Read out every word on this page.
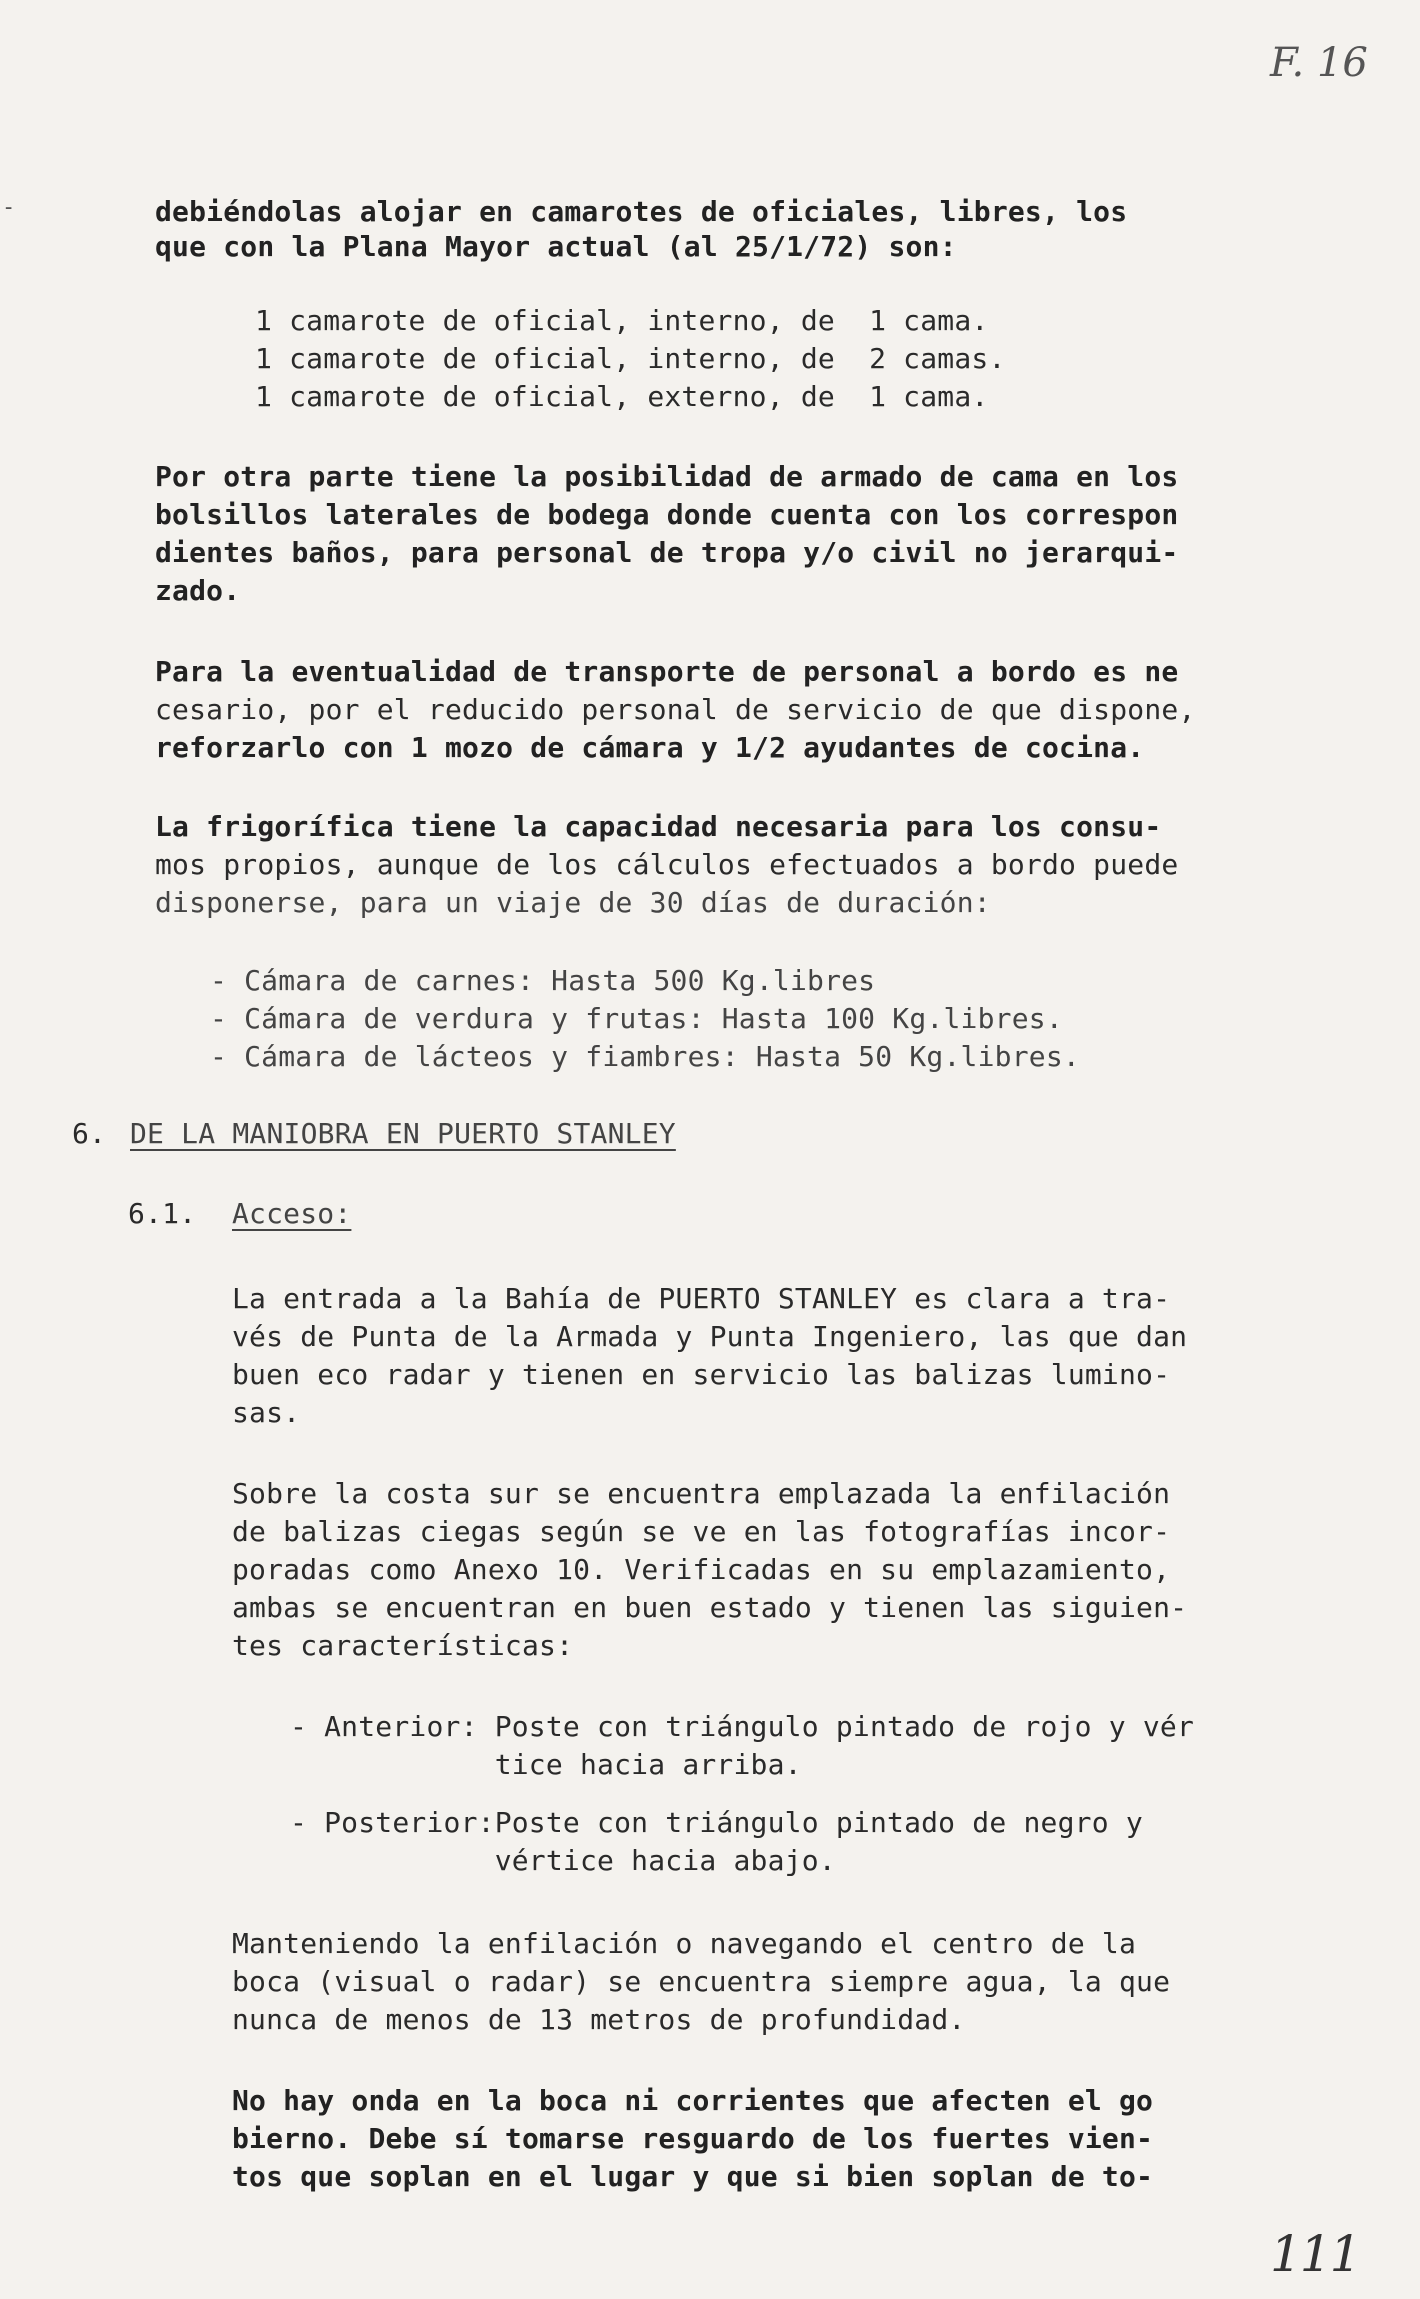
F. 16
-	debiéndolas alojar en camarotes de oficiales, libres, los

que con la Plana Mayor actual (al 25/1/72) son:

1 camarote de oficial, interno, de  1 cama.

1 camarote de oficial, interno, de  2 camas.

1 camarote de oficial, externo, de  1 cama.

Por otra parte tiene la posibilidad de armado de cama en los

bolsillos laterales de bodega donde cuenta con los correspon

dientes baños, para personal de tropa y/o civil no jerarqui-

zado.

Para la eventualidad de transporte de personal a bordo es ne

cesario, por el reducido personal de servicio de que dispone,

reforzarlo con 1 mozo de cámara y 1/2 ayudantes de cocina.

La frigorífica tiene la capacidad necesaria para los consu-

mos propios, aunque de los cálculos efectuados a bordo puede

disponerse, para un viaje de 30 días de duración:

- Cámara de carnes: Hasta 500 Kg.libres

- Cámara de verdura y frutas: Hasta 100 Kg.libres.

- Cámara de lácteos y fiambres: Hasta 50 Kg.libres.

6. DE LA MANIOBRA EN PUERTO STANLEY

6.1. Acceso:

La entrada a la Bahía de PUERTO STANLEY es clara a tra-

vés de Punta de la Armada y Punta Ingeniero, las que dan

buen eco radar y tienen en servicio las balizas lumino-

sas.

Sobre la costa sur se encuentra emplazada la enfilación

de balizas ciegas según se ve en las fotografías incor-

poradas como Anexo 10. Verificadas en su emplazamiento,

ambas se encuentran en buen estado y tienen las siguien-

tes características:

- Anterior: Poste con triángulo pintado de rojo y vér

tice hacia arriba.

- Posterior:Poste con triángulo pintado de negro y

vértice hacia abajo.

Manteniendo la enfilación o navegando el centro de la

boca (visual o radar) se encuentra siempre agua, la que

nunca de menos de 13 metros de profundidad.

No hay onda en la boca ni corrientes que afecten el go

bierno. Debe sí tomarse resguardo de los fuertes vien-

tos que soplan en el lugar y que si bien soplan de to-

111
